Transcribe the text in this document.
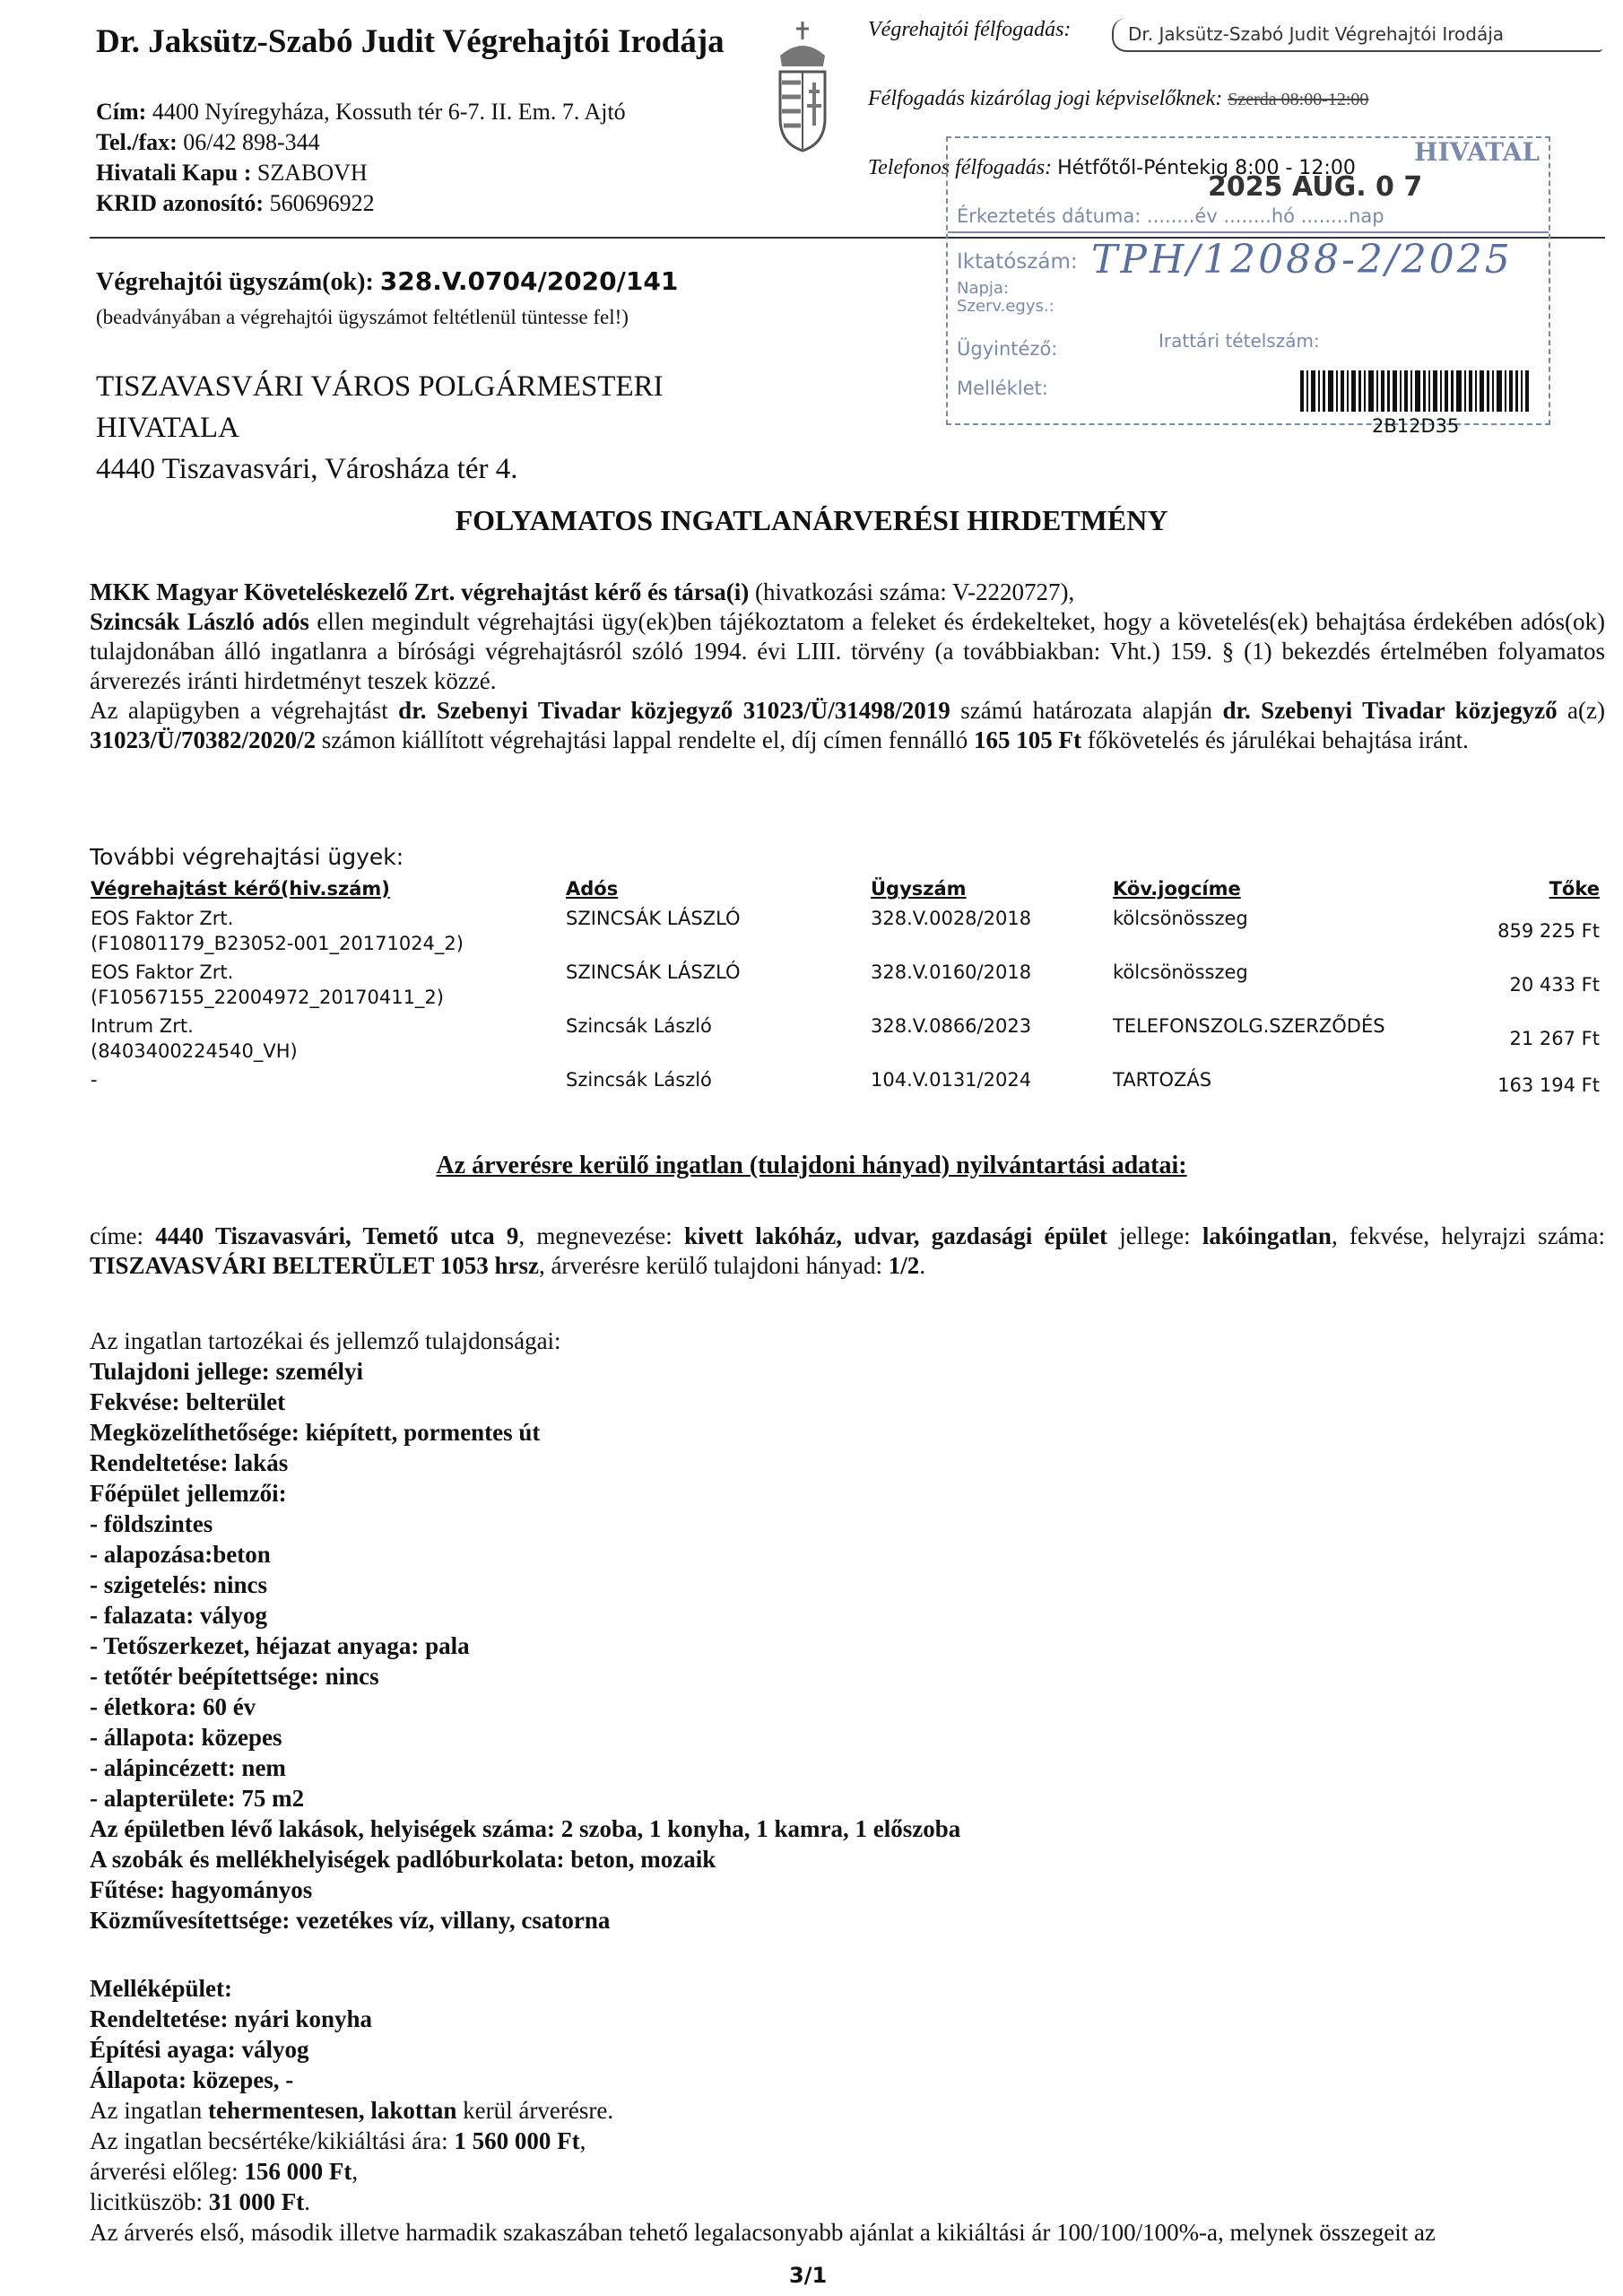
Dr. Jaksütz-Szabó Judit Végrehajtói Irodája
Cím: 4400 Nyíregyháza, Kossuth tér 6-7. II. Em. 7. Ajtó
Tel./fax: 06/42 898-344
Hivatali Kapu : SZABOVH
KRID azonosító: 560696922
Végrehajtói félfogadás:	Dr. Jaksütz-Szabó Judit Végrehajtói Irodája
Félfogadás kizárólag jogi képviselőknek: Szerda 08:00-12:00
Telefonos félfogadás: Hétfőtől-Péntekig 8:00 - 12:00
HIVATAL
2025 AUG. 0 7
Érkeztetés dátuma: ........év ........hó ........nap
Iktatószám: TPH/12088-2/2025
Napja:
Szerv.egys.:
Ügyintéző:	Irattári tételszám:
Melléklet:
2B12D35
Végrehajtói ügyszám(ok): 328.V.0704/2020/141
(beadványában a végrehajtói ügyszámot feltétlenül tüntesse fel!)
TISZAVASVÁRI VÁROS POLGÁRMESTERI
HIVATALA
4440 Tiszavasvári, Városháza tér 4.
FOLYAMATOS INGATLANÁRVERÉSI HIRDETMÉNY
MKK Magyar Követeléskezelő Zrt. végrehajtást kérő és társa(i) (hivatkozási száma: V-2220727),
Szincsák László adós ellen megindult végrehajtási ügy(ek)ben tájékoztatom a feleket és érdekelteket, hogy a követelés(ek) behajtása érdekében adós(ok) tulajdonában álló ingatlanra a bírósági végrehajtásról szóló 1994. évi LIII. törvény (a továbbiakban: Vht.) 159. § (1) bekezdés értelmében folyamatos árverezés iránti hirdetményt teszek közzé.
Az alapügyben a végrehajtást dr. Szebenyi Tivadar közjegyző 31023/Ü/31498/2019 számú határozata alapján dr. Szebenyi Tivadar közjegyző a(z) 31023/Ü/70382/2020/2 számon kiállított végrehajtási lappal rendelte el, díj címen fennálló 165 105 Ft főkövetelés és járulékai behajtása iránt.
További végrehajtási ügyek:
Végrehajtást kérő(hiv.szám)	Adós	Ügyszám	Köv.jogcíme	Tőke

EOS Faktor Zrt.
(F10801179_B23052-001_20171024_2)	SZINCSÁK LÁSZLÓ	328.V.0028/2018	kölcsönösszeg	859 225 Ft

EOS Faktor Zrt.
(F10567155_22004972_20170411_2)	SZINCSÁK LÁSZLÓ	328.V.0160/2018	kölcsönösszeg	20 433 Ft

Intrum Zrt.
(8403400224540_VH)	Szincsák László	328.V.0866/2023	TELEFONSZOLG.SZERZŐDÉS	21 267 Ft

-	Szincsák László	104.V.0131/2024	TARTOZÁS	163 194 Ft
Az árverésre kerülő ingatlan (tulajdoni hányad) nyilvántartási adatai:
címe: 4440 Tiszavasvári, Temető utca 9, megnevezése: kivett lakóház, udvar, gazdasági épület jellege: lakóingatlan, fekvése, helyrajzi száma: TISZAVASVÁRI BELTERÜLET 1053 hrsz, árverésre kerülő tulajdoni hányad: 1/2.
Az ingatlan tartozékai és jellemző tulajdonságai:
Tulajdoni jellege: személyi
Fekvése: belterület
Megközelíthetősége: kiépített, pormentes út
Rendeltetése: lakás
Főépület jellemzői:
- földszintes
- alapozása:beton
- szigetelés: nincs
- falazata: vályog
- Tetőszerkezet, héjazat anyaga: pala
- tetőtér beépítettsége: nincs
- életkora: 60 év
- állapota: közepes
- alápincézett: nem
- alapterülete: 75 m2
Az épületben lévő lakások, helyiségek száma: 2 szoba, 1 konyha, 1 kamra, 1 előszoba
A szobák és mellékhelyiségek padlóburkolata: beton, mozaik
Fűtése: hagyományos
Közművesítettsége: vezetékes víz, villany, csatorna
Melléképület:
Rendeltetése: nyári konyha
Építési ayaga: vályog
Állapota: közepes, -
Az ingatlan tehermentesen, lakottan kerül árverésre.
Az ingatlan becsértéke/kikiáltási ára: 1 560 000 Ft,
árverési előleg: 156 000 Ft,
licitküszöb: 31 000 Ft.
Az árverés első, második illetve harmadik szakaszában tehető legalacsonyabb ajánlat a kikiáltási ár 100/100/100%-a, melynek összegeit az
3/1
